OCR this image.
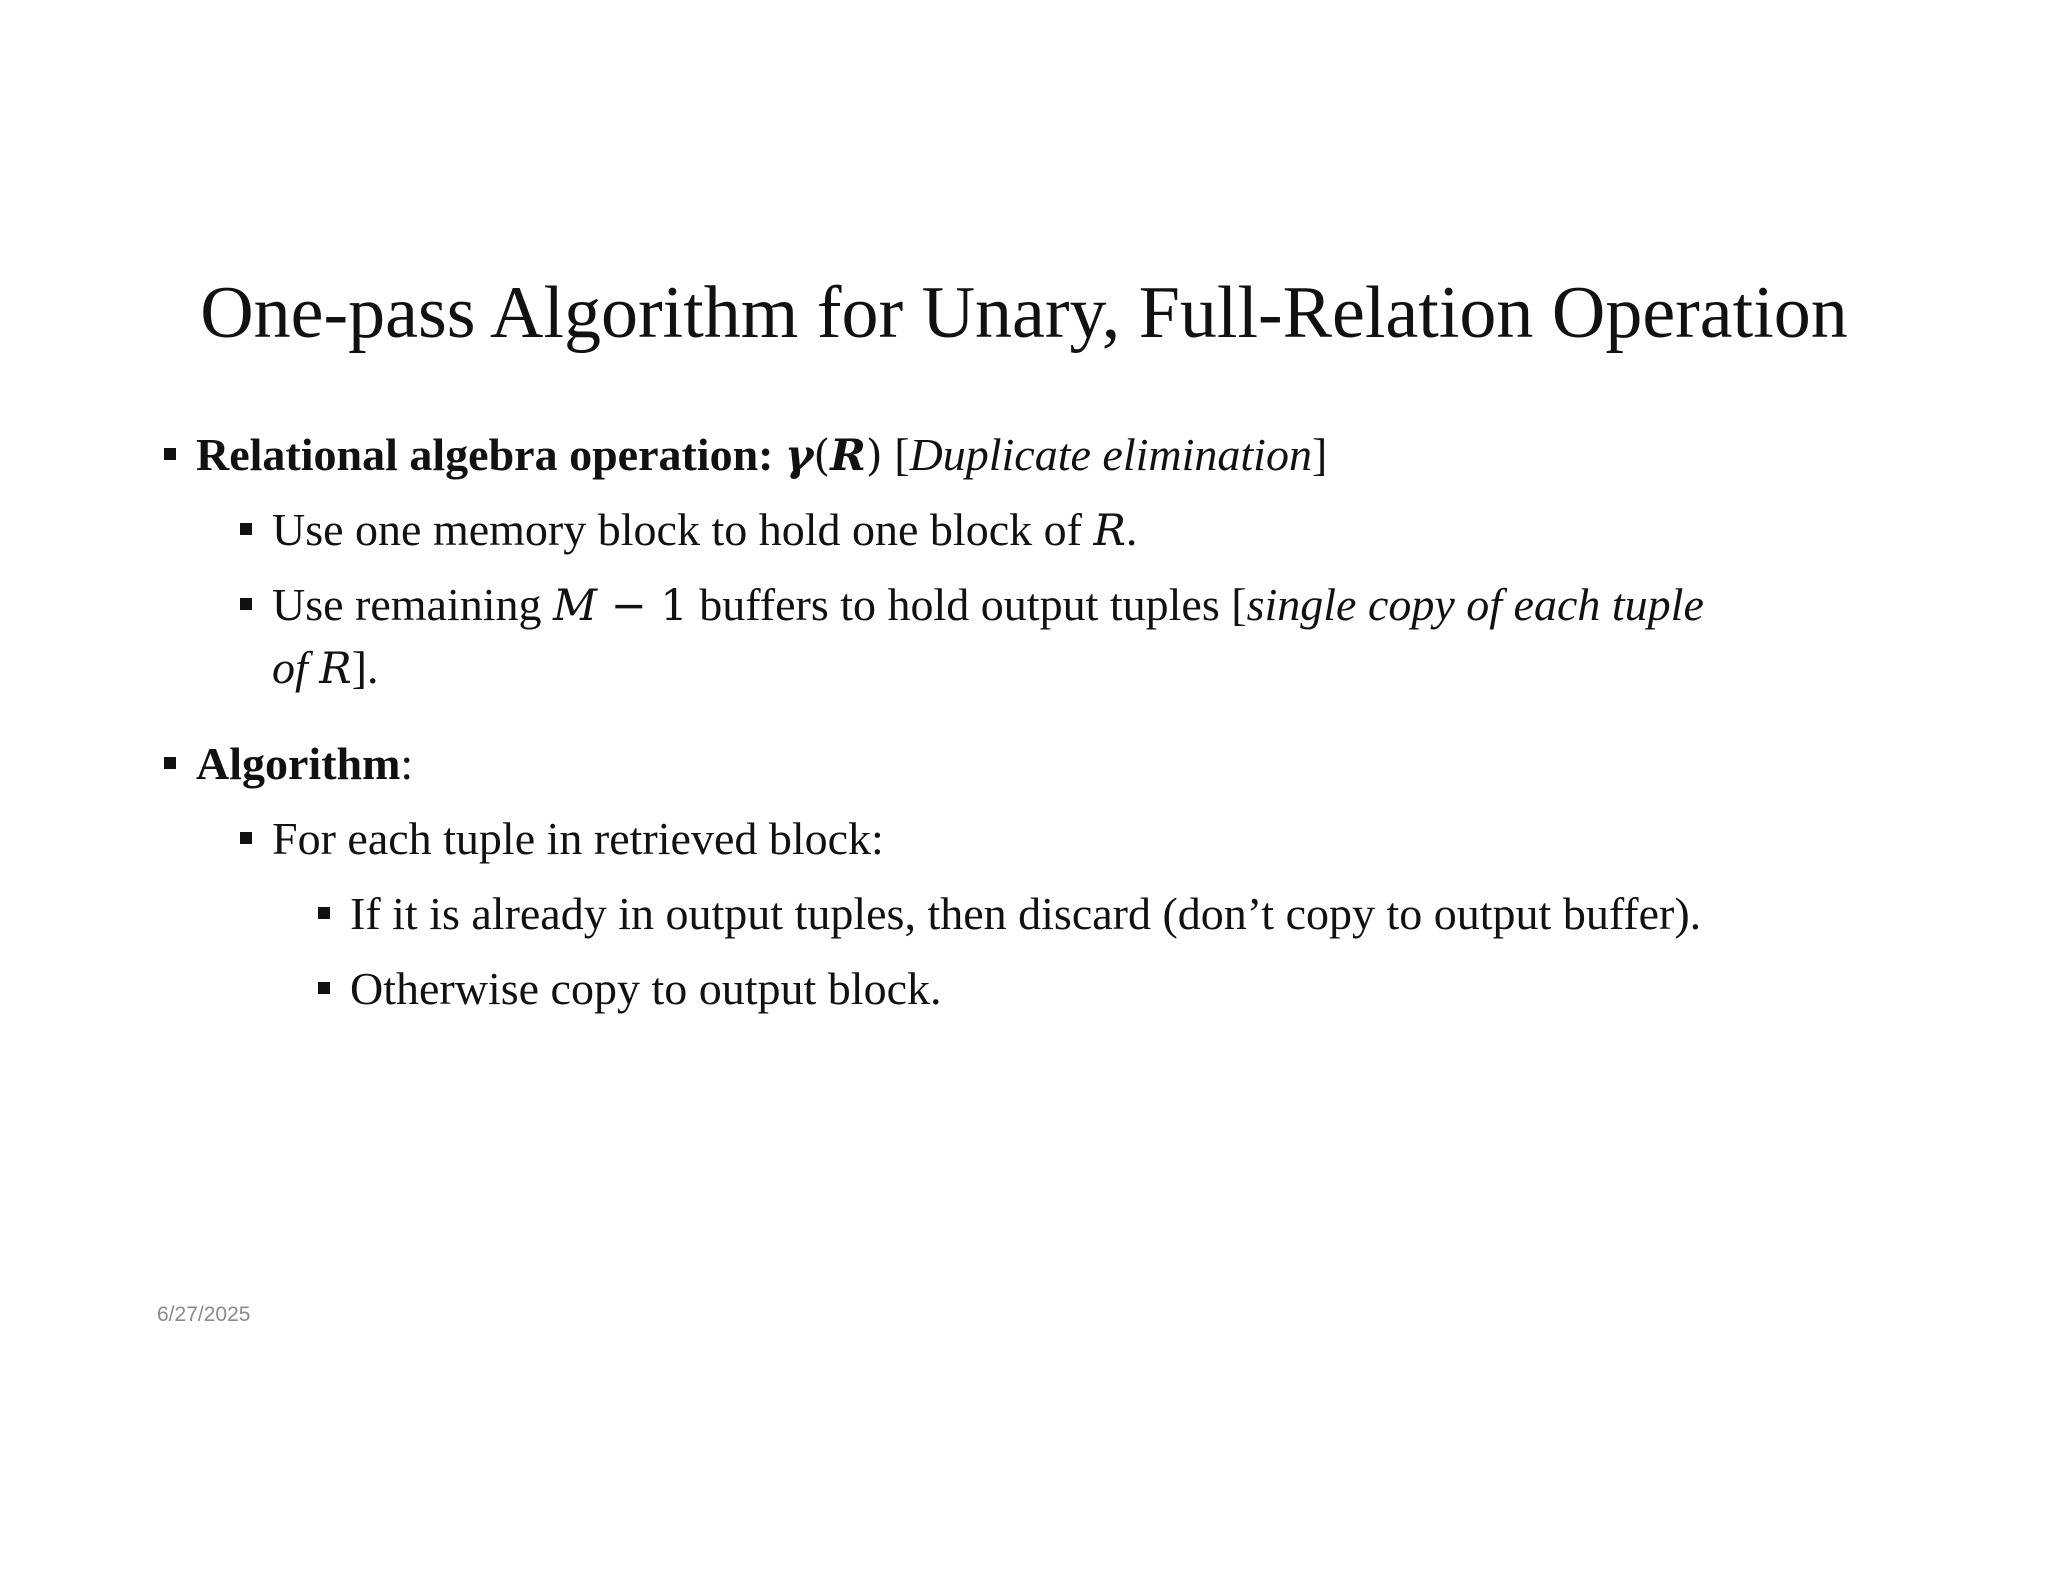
One-pass Algorithm for Unary, Full-Relation Operation
Relational algebra operation: γ(R) [Duplicate elimination]
Use one memory block to hold one block of R.
Use remaining M − 1 buffers to hold output tuples [single copy of each tuple
of R].
Algorithm:
For each tuple in retrieved block:
If it is already in output tuples, then discard (don’t copy to output buffer).
Otherwise copy to output block.
6/27/2025
